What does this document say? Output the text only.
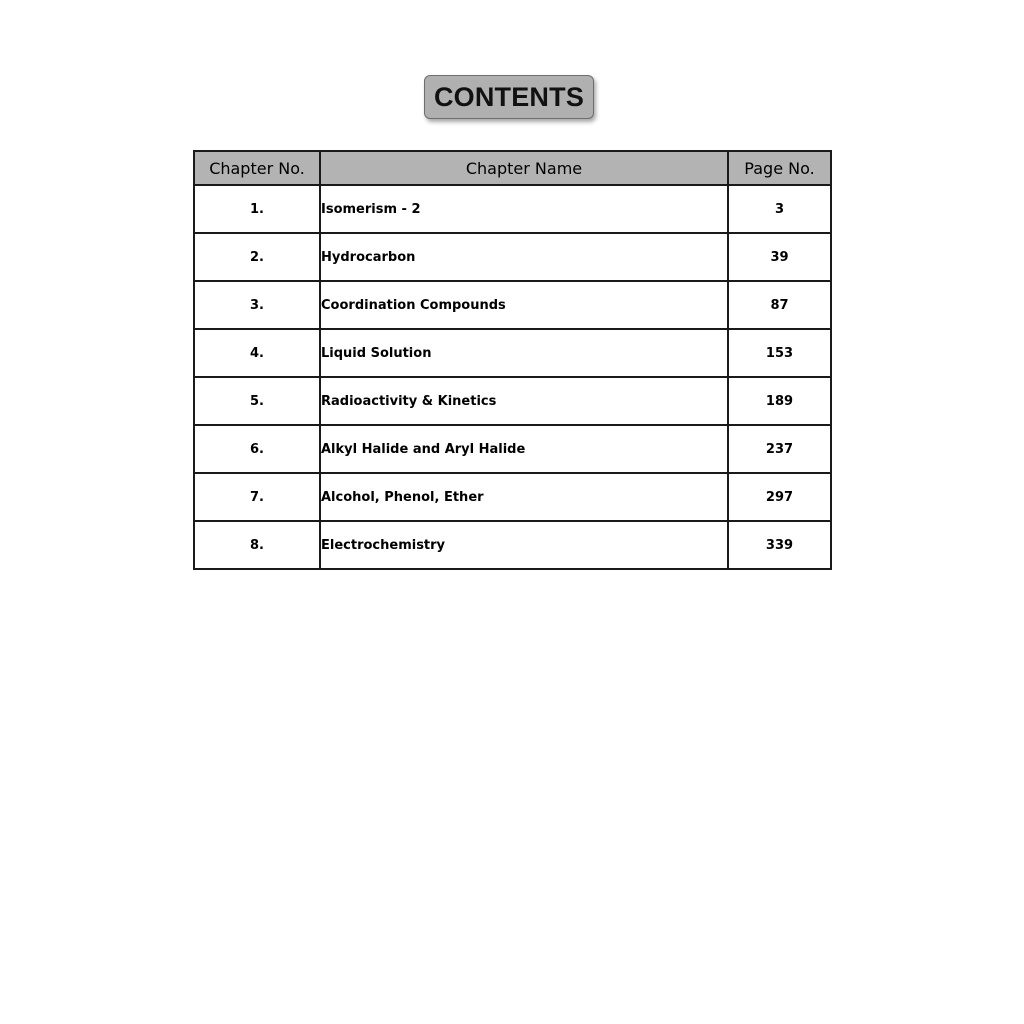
CONTENTS
Chapter No.	Chapter Name	Page No.
1.	Isomerism - 2	3
2.	Hydrocarbon	39
3.	Coordination Compounds	87
4.	Liquid Solution	153
5.	Radioactivity & Kinetics	189
6.	Alkyl Halide and Aryl Halide	237
7.	Alcohol, Phenol, Ether	297
8.	Electrochemistry	339
